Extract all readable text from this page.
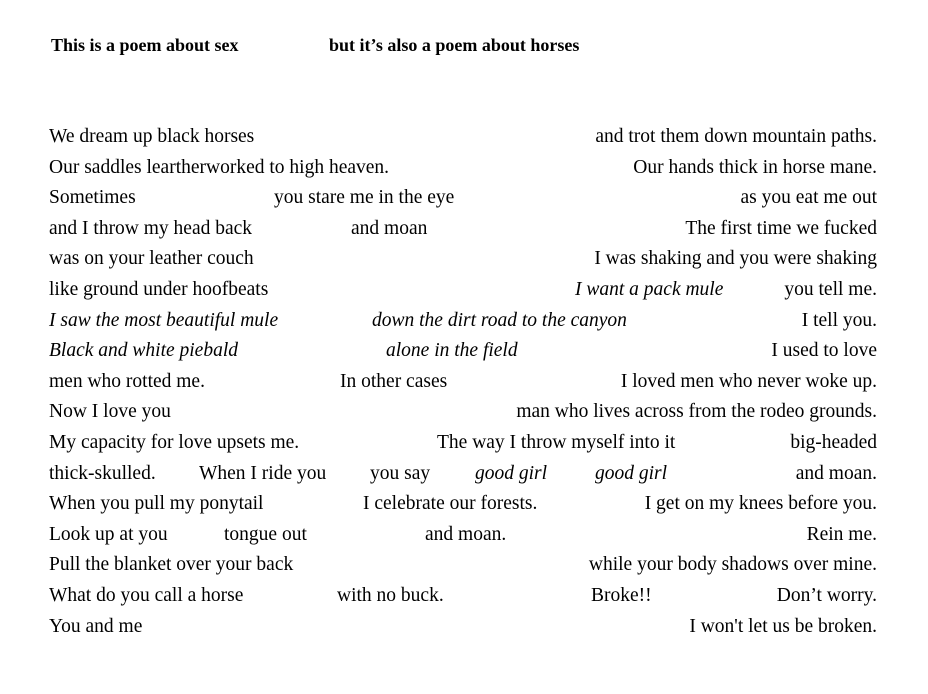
This is a poem about sex	but it’s also a poem about horses
We dream up black horses	and trot them down mountain paths.
Our saddles leartherworked to high heaven.	Our hands thick in horse mane.
Sometimes	you stare me in the eye	as you eat me out
and I throw my head back	and moan	The first time we fucked
was on your leather couch	I was shaking and you were shaking
like ground under hoofbeats	I want a pack mule	you tell me.
I saw the most beautiful mule	down the dirt road to the canyon	I tell you.
Black and white piebald	alone in the field	I used to love
men who rotted me.	In other cases	I loved men who never woke up.
Now I love you	man who lives across from the rodeo grounds.
My capacity for love upsets me.	The way I throw myself into it	big-headed
thick-skulled. When I ride you you say good girl good girl	and moan.
When you pull my ponytail	I celebrate our forests.	I get on my knees before you.
Look up at you	tongue out	and moan.	Rein me.
Pull the blanket over your back	while your body shadows over mine.
What do you call a horse	with no buck.	Broke!!	Don’t worry.
You and me	I won't let us be broken.
